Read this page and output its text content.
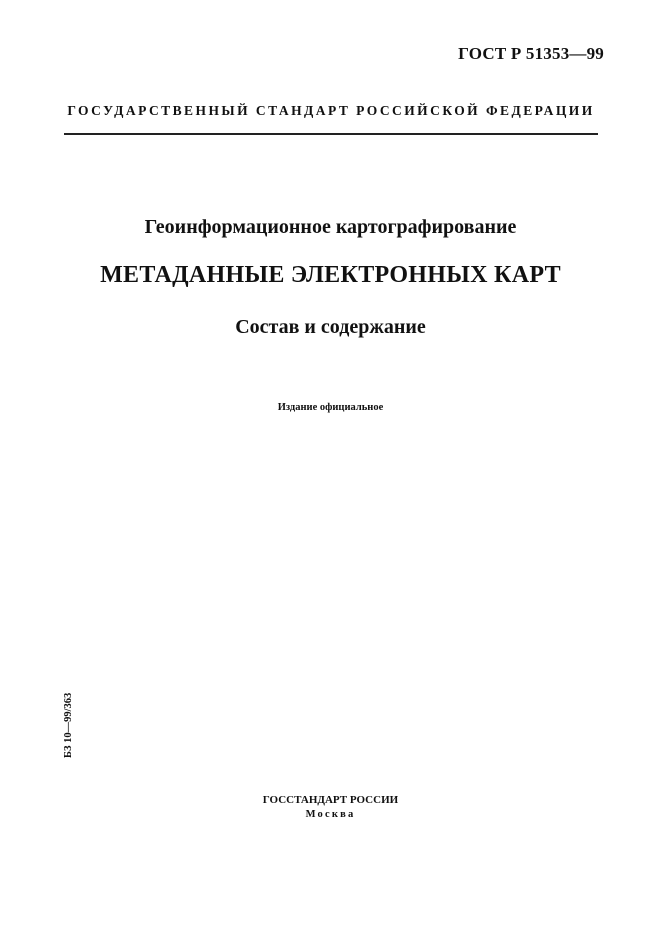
ГОСТ Р 51353—99
ГОСУДАРСТВЕННЫЙ СТАНДАРТ РОССИЙСКОЙ ФЕДЕРАЦИИ
Геоинформационное картографирование
МЕТАДАННЫЕ ЭЛЕКТРОННЫХ КАРТ
Состав и содержание
Издание официальное
БЗ 10—99/363
ГОССТАНДАРТ РОССИИ
Москва
